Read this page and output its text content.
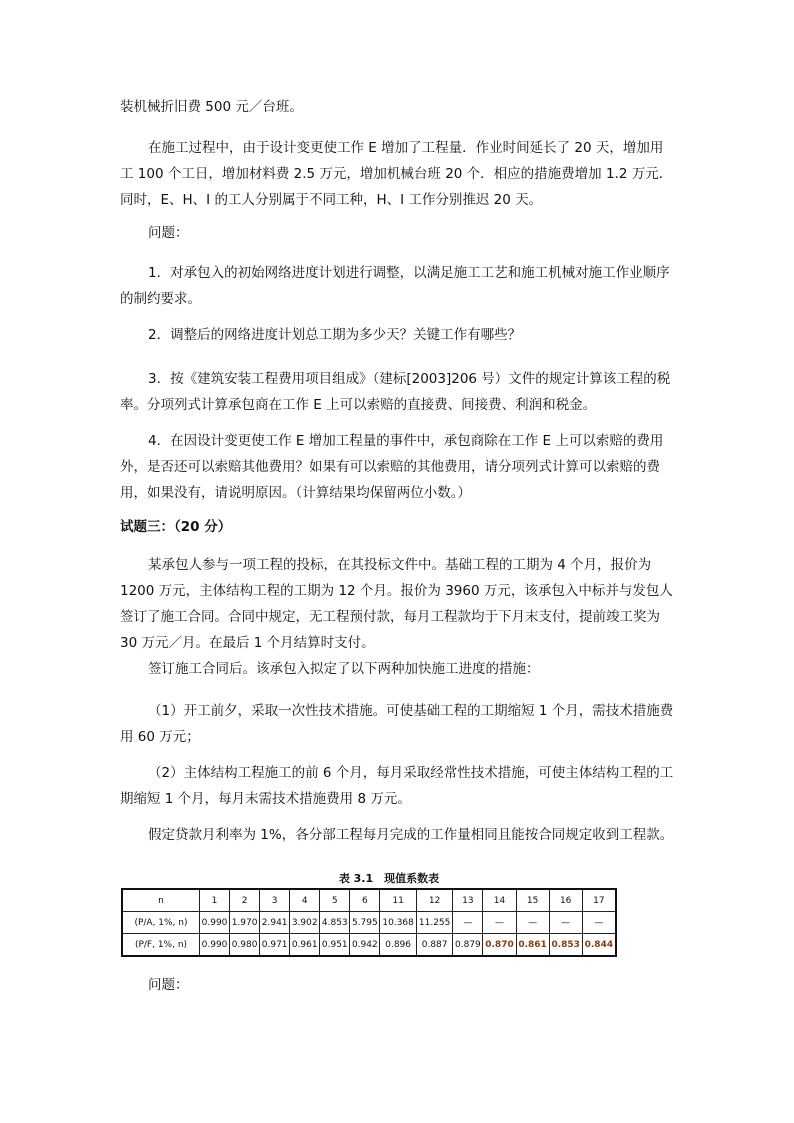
装机械折旧费 500 元／台班。

在施工过程中，由于设计变更使工作 E 增加了工程量．作业时间延长了 20 天，增加用工 100 个工日，增加材料费 2.5 万元，增加机械台班 20 个．相应的措施费增加 1.2 万元．同时，E、H、I 的工人分别属于不同工种，H、I 工作分别推迟 20 天。

问题：

1．对承包入的初始网络进度计划进行调整，以满足施工工艺和施工机械对施工作业顺序的制约要求。

2．调整后的网络进度计划总工期为多少天？关键工作有哪些？

3．按《建筑安装工程费用项目组成》（建标[2003]206 号）文件的规定计算该工程的税率。分项列式计算承包商在工作 E 上可以索赔的直接费、间接费、利润和税金。

4．在因设计变更使工作 E 增加工程量的事件中，承包商除在工作 E 上可以索赔的费用外，是否还可以索赔其他费用？如果有可以索赔的其他费用，请分项列式计算可以索赔的费用，如果没有，请说明原因。（计算结果均保留两位小数。）

试题三：（20 分）

某承包人参与一项工程的投标，在其投标文件中。基础工程的工期为 4 个月，报价为 1200 万元，主体结构工程的工期为 12 个月。报价为 3960 万元，该承包入中标并与发包人签订了施工合同。合同中规定，无工程预付款，每月工程款均于下月末支付，提前竣工奖为 30 万元／月。在最后 1 个月结算时支付。

签订施工合同后。该承包入拟定了以下两种加快施工进度的措施：

（1）开工前夕，采取一次性技术措施。可使基础工程的工期缩短 1 个月，需技术措施费用 60 万元；

（2）主体结构工程施工的前 6 个月，每月采取经常性技术措施，可使主体结构工程的工期缩短 1 个月，每月末需技术措施费用 8 万元。

假定贷款月利率为 1%，各分部工程每月完成的工作量相同且能按合同规定收到工程款。

表 3.1　现值系数表
n	1	2	3	4	5	6	11	12	13	14	15	16	17
(P/A, 1%, n)	0.990	1.970	2.941	3.902	4.853	5.795	10.368	11.255	—	—	—	—	—
(P/F, 1%, n)	0.990	0.980	0.971	0.961	0.951	0.942	0.896	0.887	0.879	0.870	0.861	0.853	0.844

问题：
